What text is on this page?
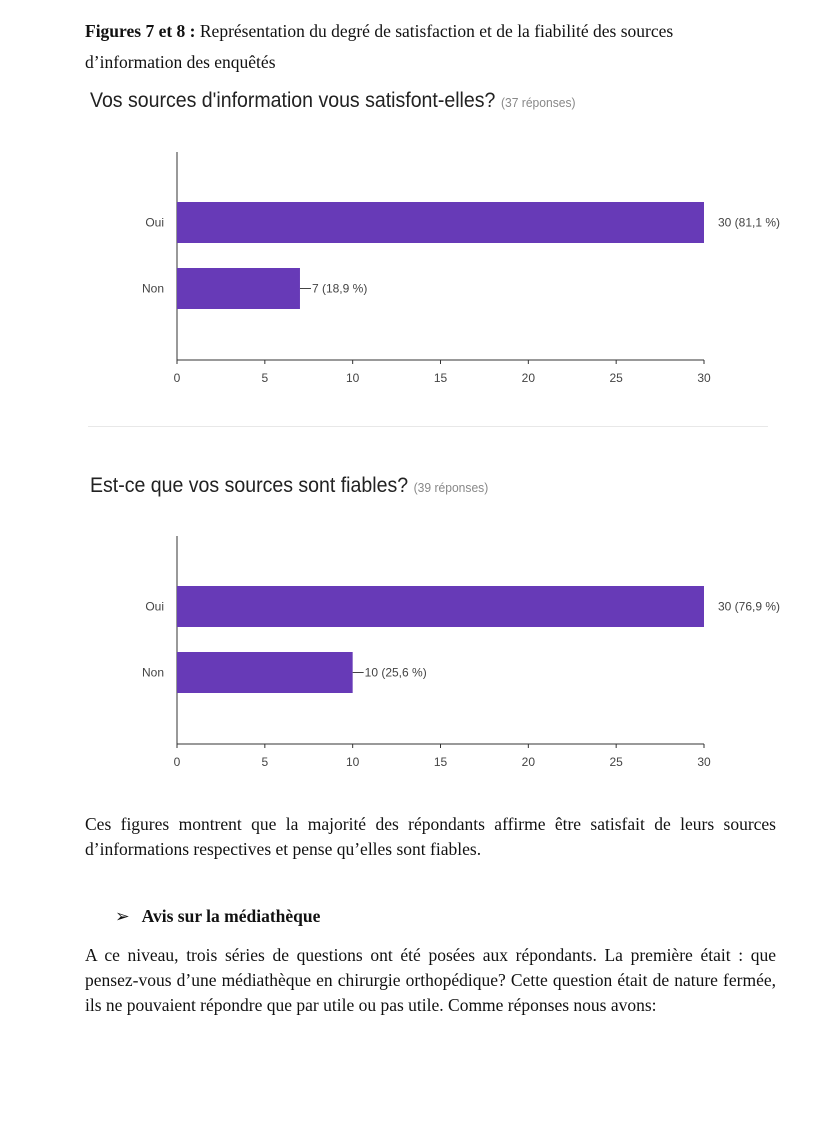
Figures 7 et 8 : Représentation du degré de satisfaction et de la fiabilité des sources d’information des enquêtés
Vos sources d'information vous satisfont-elles? (37 réponses)
0	5	10	15	20	25	30
Oui	30 (81,1 %)
Non	7 (18,9 %)
Est-ce que vos sources sont fiables? (39 réponses)
0	5	10	15	20	25	30
Oui	30 (76,9 %)
Non	10 (25,6 %)
Ces figures montrent que la majorité des répondants affirme être satisfait de leurs sources d’informations respectives et pense qu’elles sont fiables.
➢ Avis sur la médiathèque
A ce niveau, trois séries de questions ont été posées aux répondants. La première était : que pensez-vous d’une médiathèque en chirurgie orthopédique? Cette question était de nature fermée, ils ne pouvaient répondre que par utile ou pas utile. Comme réponses nous avons:
